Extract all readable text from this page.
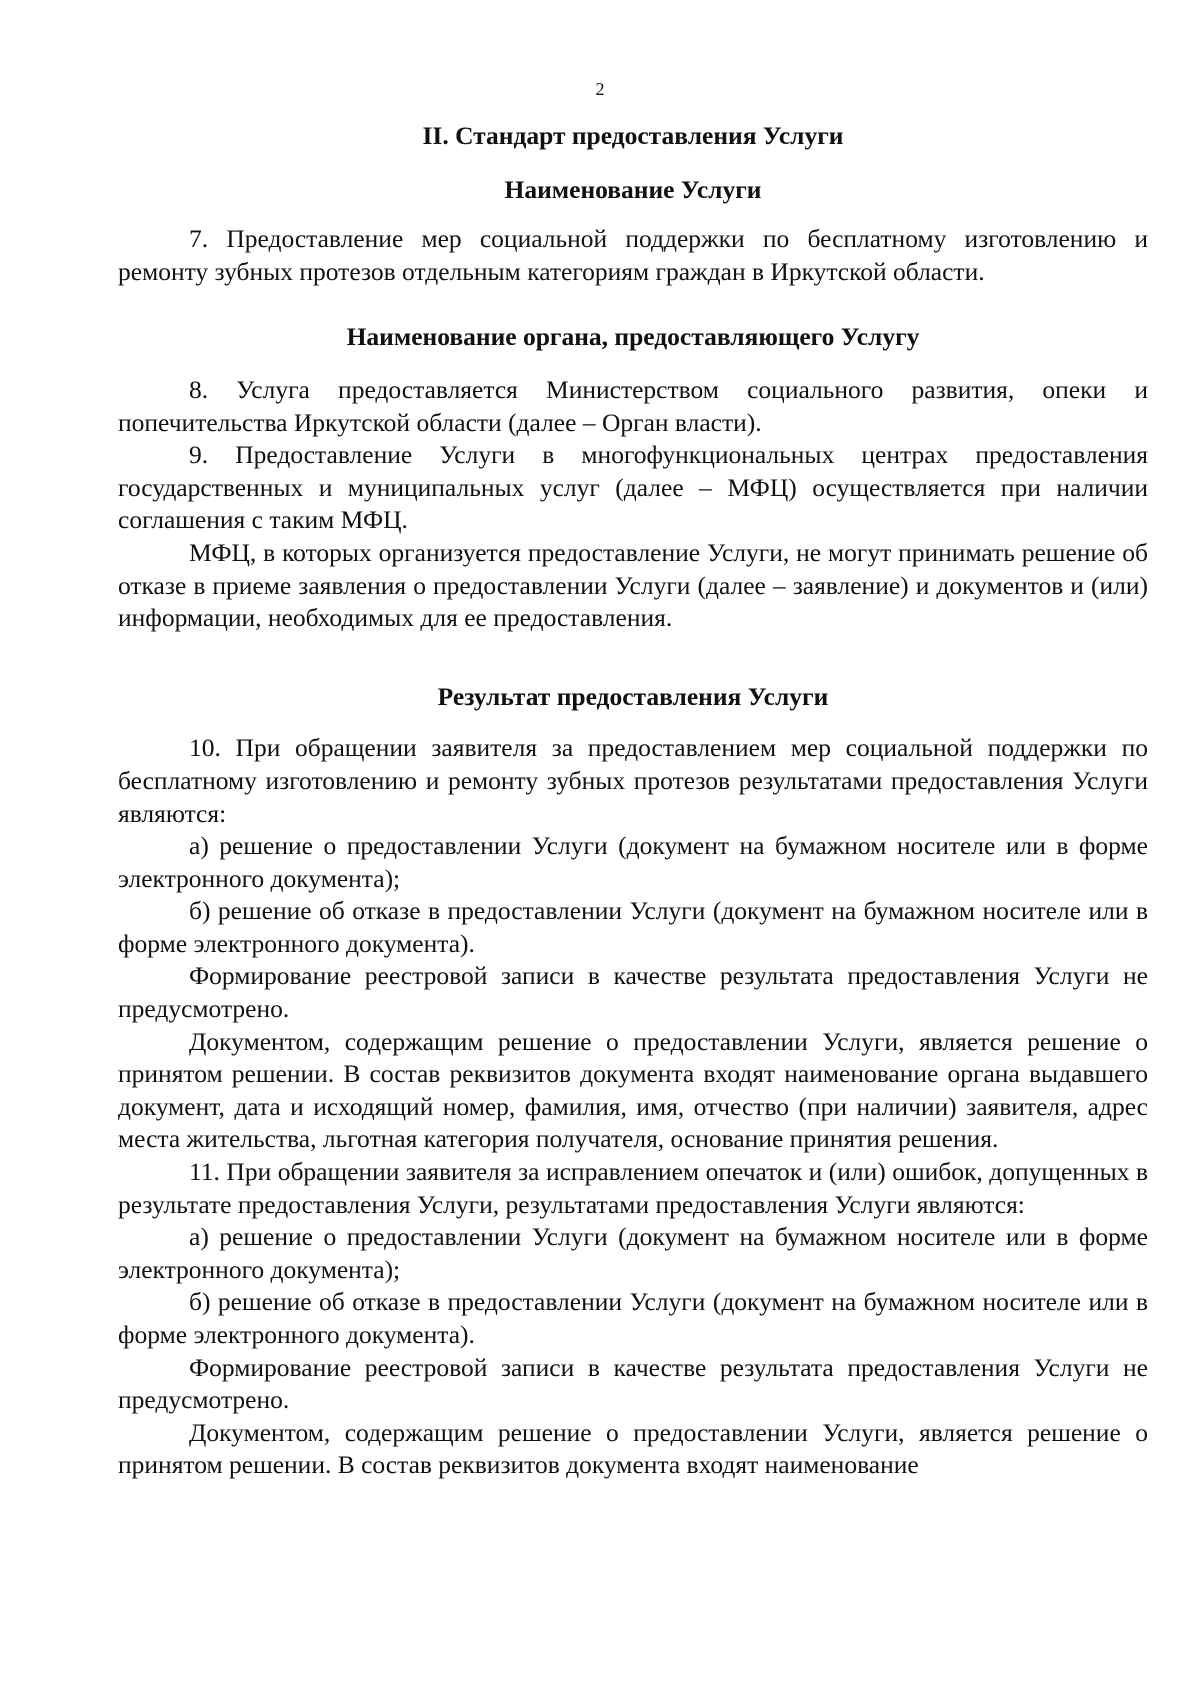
2

II. Стандарт предоставления Услуги

Наименование Услуги

7. Предоставление мер социальной поддержки по бесплатному изготовлению и ремонту зубных протезов отдельным категориям граждан в Иркутской области.

Наименование органа, предоставляющего Услугу

8. Услуга предоставляется Министерством социального развития, опеки и попечительства Иркутской области (далее – Орган власти).

9. Предоставление Услуги в многофункциональных центрах предоставления государственных и муниципальных услуг (далее – МФЦ) осуществляется при наличии соглашения с таким МФЦ.

МФЦ, в которых организуется предоставление Услуги, не могут принимать решение об отказе в приеме заявления о предоставлении Услуги (далее – заявление) и документов и (или) информации, необходимых для ее предоставления.

Результат предоставления Услуги

10. При обращении заявителя за предоставлением мер социальной поддержки по бесплатному изготовлению и ремонту зубных протезов результатами предоставления Услуги являются:

а) решение о предоставлении Услуги (документ на бумажном носителе или в форме электронного документа);

б) решение об отказе в предоставлении Услуги (документ на бумажном носителе или в форме электронного документа).

Формирование реестровой записи в качестве результата предоставления Услуги не предусмотрено.

Документом, содержащим решение о предоставлении Услуги, является решение о принятом решении. В состав реквизитов документа входят наименование органа выдавшего документ, дата и исходящий номер, фамилия, имя, отчество (при наличии) заявителя, адрес места жительства, льготная категория получателя, основание принятия решения.

11. При обращении заявителя за исправлением опечаток и (или) ошибок, допущенных в результате предоставления Услуги, результатами предоставления Услуги являются:

а) решение о предоставлении Услуги (документ на бумажном носителе или в форме электронного документа);

б) решение об отказе в предоставлении Услуги (документ на бумажном носителе или в форме электронного документа).

Формирование реестровой записи в качестве результата предоставления Услуги не предусмотрено.

Документом, содержащим решение о предоставлении Услуги, является решение о принятом решении. В состав реквизитов документа входят наименование
